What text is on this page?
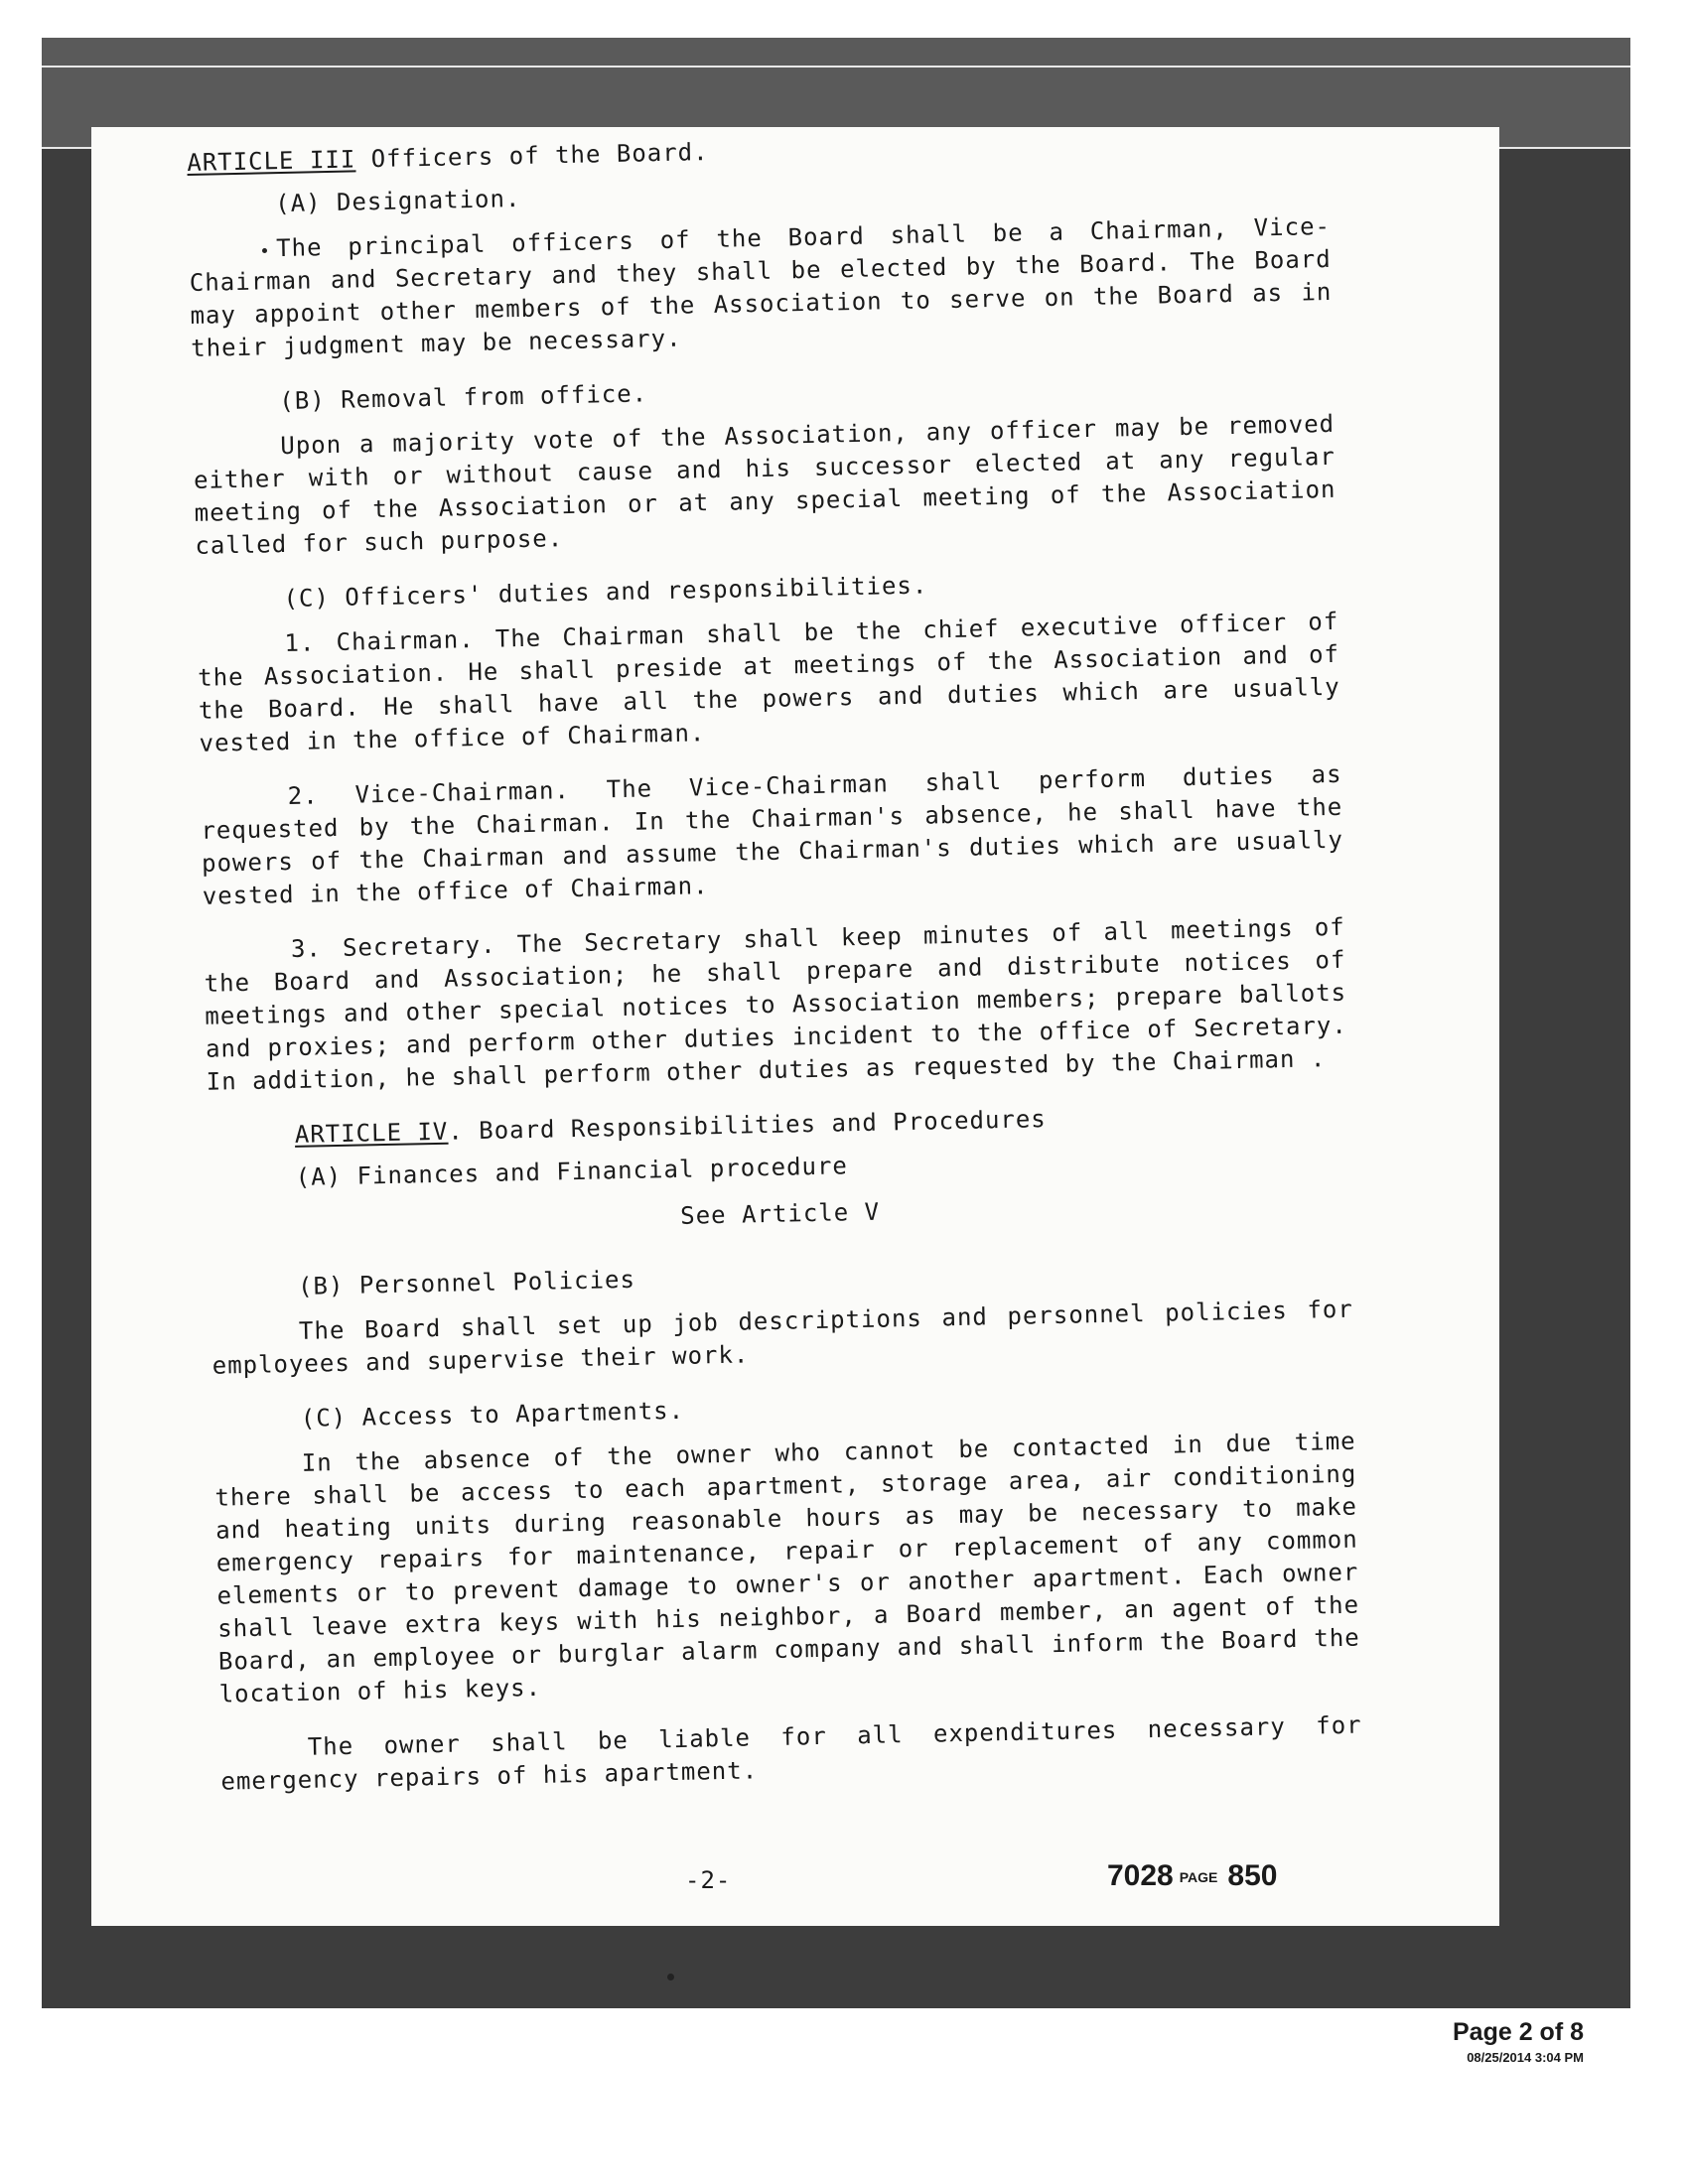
ARTICLE III Officers of the Board.

(A) Designation.

The principal officers of the Board shall be a Chairman, Vice-Chairman and Secretary and they shall be elected by the Board. The Board may appoint other members of the Association to serve on the Board as in their judgment may be necessary.

(B) Removal from office.

Upon a majority vote of the Association, any officer may be removed either with or without cause and his successor elected at any regular meeting of the Association or at any special meeting of the Association called for such purpose.

(C) Officers' duties and responsibilities.

1. Chairman. The Chairman shall be the chief executive officer of the Association. He shall preside at meetings of the Association and of the Board. He shall have all the powers and duties which are usually vested in the office of Chairman.

2. Vice-Chairman. The Vice-Chairman shall perform duties as requested by the Chairman. In the Chairman's absence, he shall have the powers of the Chairman and assume the Chairman's duties which are usually vested in the office of Chairman.

3. Secretary. The Secretary shall keep minutes of all meetings of the Board and Association; he shall prepare and distribute notices of meetings and other special notices to Association members; prepare ballots and proxies; and perform other duties incident to the office of Secretary. In addition, he shall perform other duties as requested by the Chairman .

ARTICLE IV. Board Responsibilities and Procedures

(A) Finances and Financial procedure

See Article V

(B) Personnel Policies

The Board shall set up job descriptions and personnel policies for employees and supervise their work.

(C) Access to Apartments.

In the absence of the owner who cannot be contacted in due time there shall be access to each apartment, storage area, air conditioning and heating units during reasonable hours as may be necessary to make emergency repairs for maintenance, repair or replacement of any common elements or to prevent damage to owner's or another apartment. Each owner shall leave extra keys with his neighbor, a Board member, an agent of the Board, an employee or burglar alarm company and shall inform the Board the location of his keys.

The owner shall be liable for all expenditures necessary for emergency repairs of his apartment.

-2-	7028 PAGE 850
Page 2 of 8
08/25/2014 3:04 PM
